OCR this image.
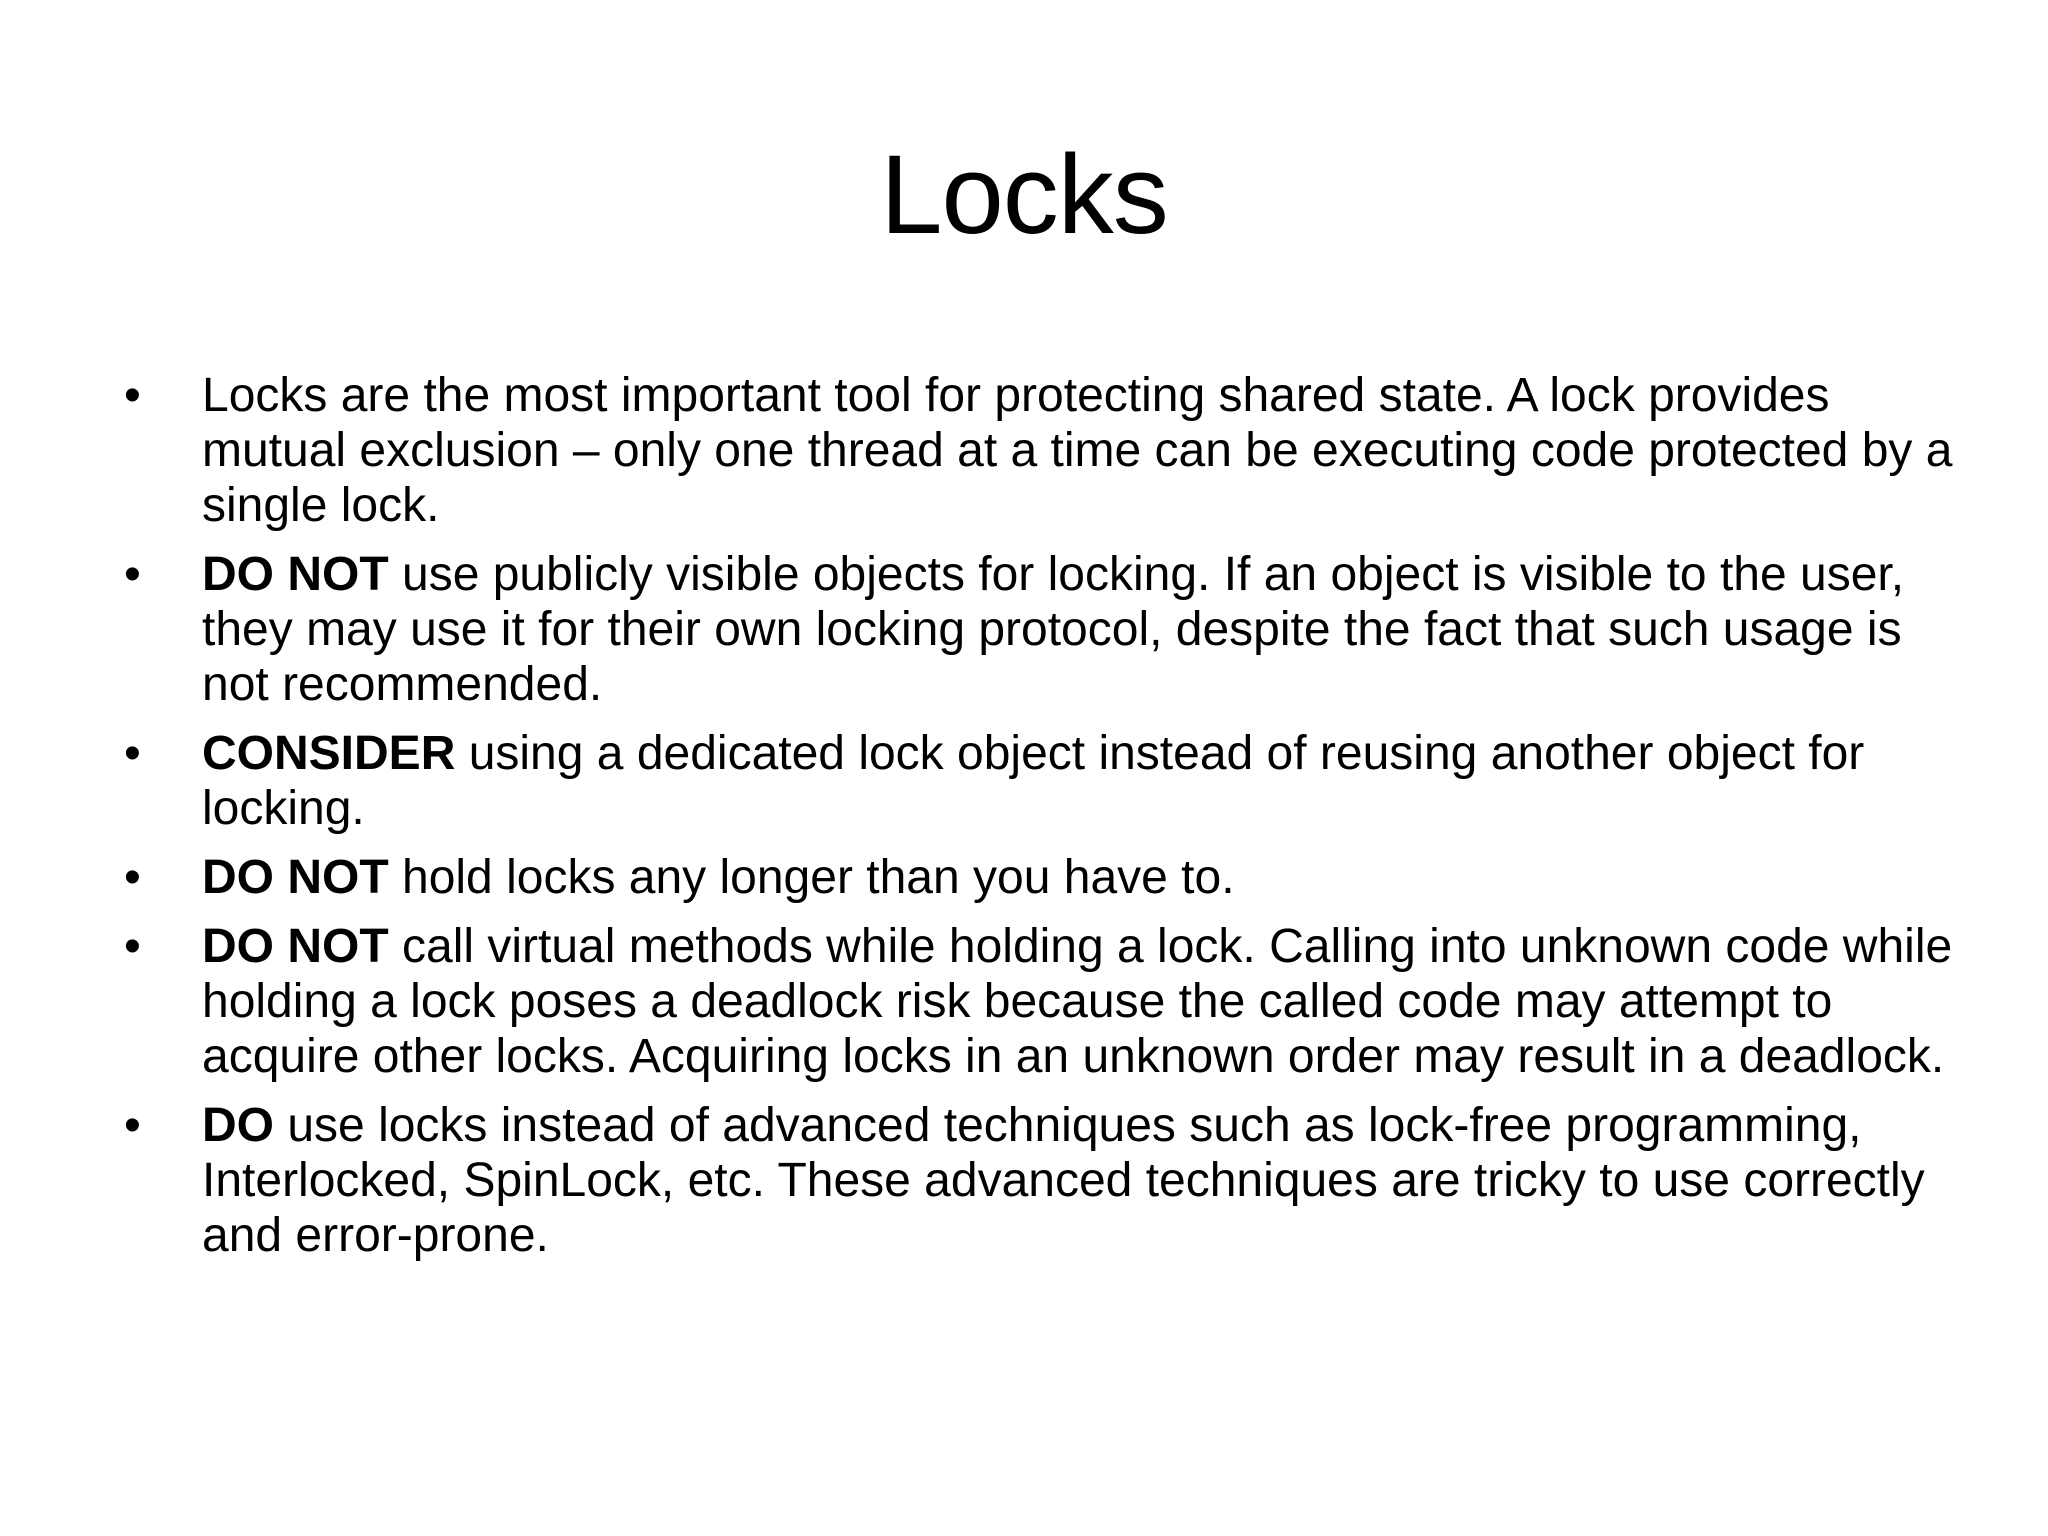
Locks
•	Locks are the most important tool for protecting shared state. A lock provides mutual exclusion – only one thread at a time can be executing code protected by a single lock.
•	DO NOT use publicly visible objects for locking. If an object is visible to the user, they may use it for their own locking protocol, despite the fact that such usage is not recommended.
•	CONSIDER using a dedicated lock object instead of reusing another object for locking.
•	DO NOT hold locks any longer than you have to.
•	DO NOT call virtual methods while holding a lock. Calling into unknown code while holding a lock poses a deadlock risk because the called code may attempt to acquire other locks. Acquiring locks in an unknown order may result in a deadlock.
•	DO use locks instead of advanced techniques such as lock-free programming, Interlocked, SpinLock, etc. These advanced techniques are tricky to use correctly and error-prone.
